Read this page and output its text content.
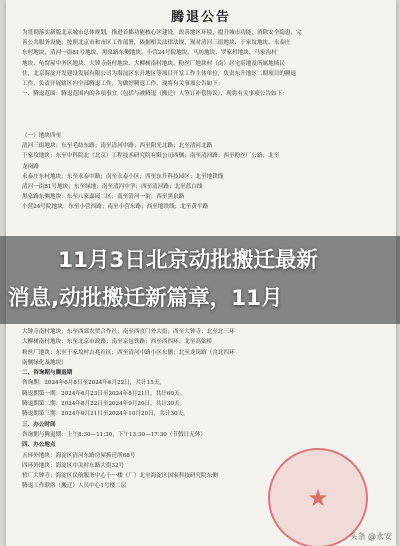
腾退公告

为贯彻落实新版北京城市总体规划，推进首都功能核心区建设，改善地区环境，提升城市功能，消除安全隐患，完

善公共服务设施，按照北京市和市区工作部署，依据相关法律法规，现对清河三街地块、于家坟地块、永泰庄

东村地块、清河一街81号地块、黑泉路东侧地块、小营24号院地块、马坊地块、罗家村地块、马家沟村

地块、龟窝屋中务区地块、大钟寺南村地块、大柳树南村地块、粉丝厂地块村（南）居宅基地及所属地域民

住，北京海淀开发建设发展有限公司为海淀区东升地区等项目开发工作主体单位，负责东升地区二期项目的腾退

工作，负责开展辖区内全部腾退工作，为做好腾退工作，现将有关事项公告如下：

一、腾退范围：腾退范围内的各项事宜（包括与被腾退（搬迁）人签订补偿协议），现将有关事项公告如下：

（一）地块四至

清河三街地块：东至毛纺东路；南至清河中路；西至阳光北路；北至清河北路

于家坟地块：东至中科院北（北京）工程技术研究院有限公司西侧；南至清河路；西至粉丝厂公路；北至

龙岗路

永泰庄东村地块：东至永泰中路；南至永泰小区；西至东升科技园区；北至地铁线

清河一街81号地块：东至绿地；南至清河中学；西至清河路；北至蓝白线

黑泉路东侧地块：东至八家嘉园二区；南至清河一街；西至黑泉路

小营24号院地块：东至小营西路；南至小营东路；西至地铁线；北至黄平路

大钟寺南村地块：东至西郊农贸合作社；南至西直门外大街；西至大钟寺；北至北三环

大柳树南村地块：东至北京市政路；南至京包铁路；西至西四环；北至高粱桥

粉丝厂地块：东至于家坟村吉兆社区；西至清河中路小区东侧；北至龙岗路（含北四环

南侧绿化及地块）

二、咨询期与腾退期

咨询期：2024年6月8日至2024年6月22日，共计15天。

腾退期第一期：2024年6月23日至2024年8月21日，共计60天。

腾退期第二期：2024年8月22日至2024年9月20日，共计30天。

腾退期第三期：2024年9月21日至2024年10月20日，共计30天。

三、办公时间

咨询期与腾退期：上午8:30—11:30，下午13:30—17:30（节假日无休）

四、办公地点

五环外地块：海淀区清河东路房屋拆迁所68号

四环外地块：海淀区中关村东路大街32号

暂厂大钟寺：海淀区民航服务中心十一楼（厂）北至海淀区国家科技研究院东侧

腾退工作联络（搬迁）人员中心1号楼二层	★
11月3日北京动批搬迁最新
消息,动批搬迁新篇章，11月
头条 @永安
